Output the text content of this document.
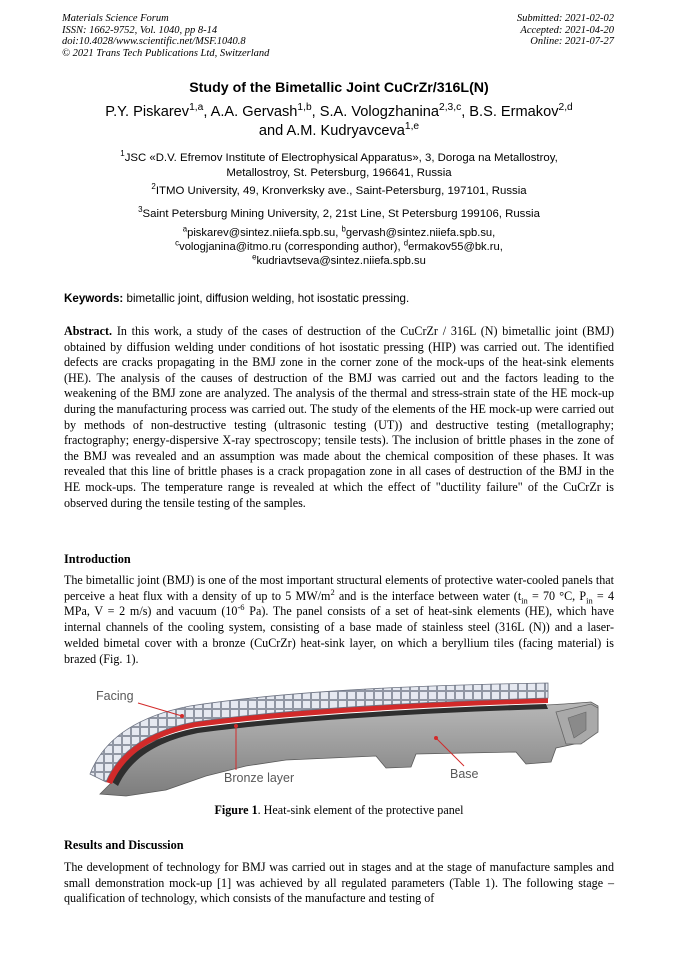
Materials Science Forum
ISSN: 1662-9752, Vol. 1040, pp 8-14
doi:10.4028/www.scientific.net/MSF.1040.8
© 2021 Trans Tech Publications Ltd, Switzerland
Submitted: 2021-02-02
Accepted: 2021-04-20
Online: 2021-07-27
Study of the Bimetallic Joint CuCrZr/316L(N)
P.Y. Piskarev$^{1,a}$, A.A. Gervash$^{1,b}$, S.A. Vologzhanina$^{2,3,c}$, B.S. Ermakov$^{2,d}$
and A.M. Kudryavceva$^{1,e}$
$^1$JSC «D.V. Efremov Institute of Electrophysical Apparatus», 3, Doroga na Metallostroy, Metallostroy, St. Petersburg, 196641, Russia
$^2$ITMO University, 49, Kronverksky ave., Saint-Petersburg, 197101, Russia
$^3$Saint Petersburg Mining University, 2, 21st Line, St Petersburg 199106, Russia
$^a$piskarev@sintez.niiefa.spb.su, $^b$gervash@sintez.niiefa.spb.su,
$^c$vologjanina@itmo.ru (corresponding author), $^d$ermakov55@bk.ru,
$^e$kudriavtseva@sintez.niiefa.spb.su
Keywords: bimetallic joint, diffusion welding, hot isostatic pressing.
Abstract. In this work, a study of the cases of destruction of the CuCrZr / 316L (N) bimetallic joint (BMJ) obtained by diffusion welding under conditions of hot isostatic pressing (HIP) was carried out. The identified defects are cracks propagating in the BMJ zone in the corner zone of the mock-ups of the heat-sink elements (HE). The analysis of the causes of destruction of the BMJ was carried out and the factors leading to the weakening of the BMJ zone are analyzed. The analysis of the thermal and stress-strain state of the HE mock-up during the manufacturing process was carried out. The study of the elements of the HE mock-up were carried out by methods of non-destructive testing (ultrasonic testing (UT)) and destructive testing (metallography; fractography; energy-dispersive X-ray spectroscopy; tensile tests). The inclusion of brittle phases in the zone of the BMJ was revealed and an assumption was made about the chemical composition of these phases. It was revealed that this line of brittle phases is a crack propagation zone in all cases of destruction of the BMJ in the HE mock-ups. The temperature range is revealed at which the effect of "ductility failure" of the CuCrZr is observed during the tensile testing of the samples.
Introduction
The bimetallic joint (BMJ) is one of the most important structural elements of protective water-cooled panels that perceive a heat flux with a density of up to 5 $MW/m^2$ and is the interface between water ($t_{in} = 70$ °C, $P_{in} = 4$ MPa, V = 2 m/s) and vacuum ($10^{-6}$ Pa). The panel consists of a set of heat-sink elements (HE), which have internal channels of the cooling system, consisting of a base made of stainless steel (316L (N)) and a laser-welded bimetal cover with a bronze (CuCrZr) heat-sink layer, on which a beryllium tiles (facing material) is brazed (Fig. 1).
Facing
Bronze layer	Base
Figure 1. Heat-sink element of the protective panel
Results and Discussion
The development of technology for BMJ was carried out in stages and at the stage of manufacture samples and small demonstration mock-up [1] was achieved by all regulated parameters (Table 1). The following stage – qualification of technology, which consists of the manufacture and testing of
